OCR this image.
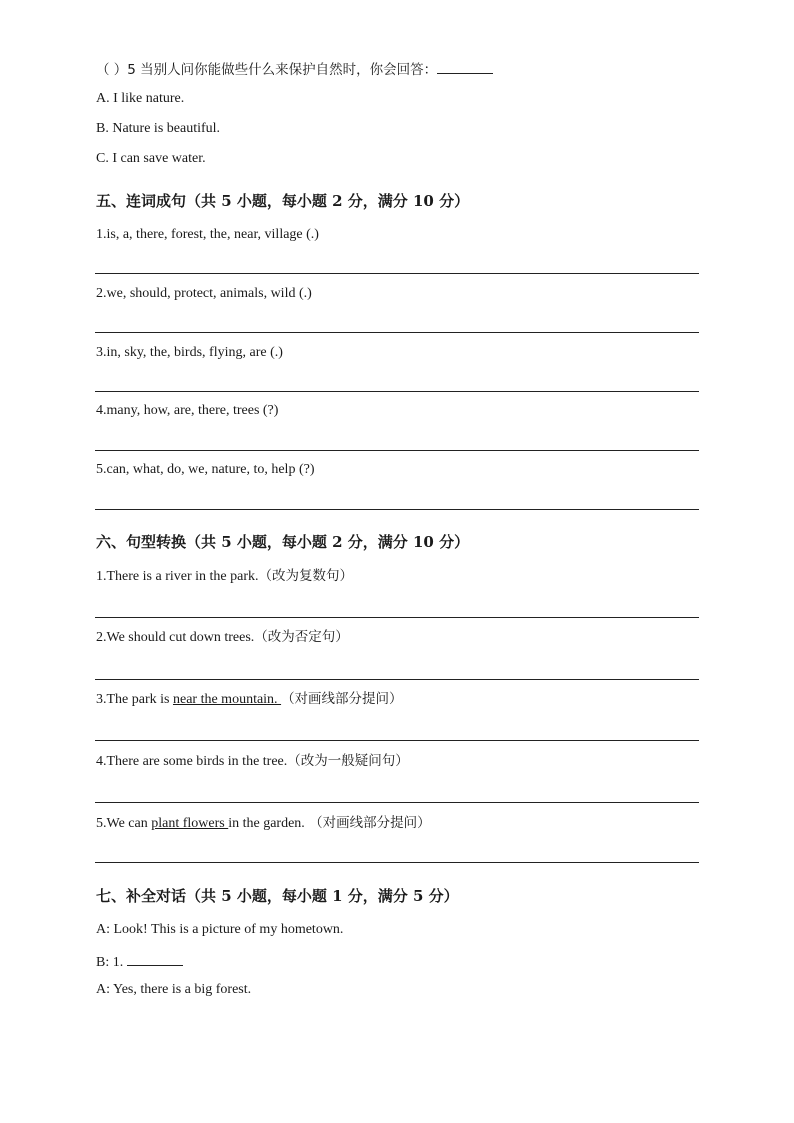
（ ）5 当别人问你能做些什么来保护自然时，你会回答：
A. I like nature.
B. Nature is beautiful.
C. I can save water.
五、连词成句（共 5 小题，每小题 2 分，满分 10 分）
1.is, a, there, forest, the, near, village (.)
2.we, should, protect, animals, wild (.)
3.in, sky, the, birds, flying, are (.)
4.many, how, are, there, trees (?)
5.can, what, do, we, nature, to, help (?)
六、句型转换（共 5 小题，每小题 2 分，满分 10 分）
1.There is a river in the park.（改为复数句）
2.We should cut down trees.（改为否定句）
3.The park is near the mountain. （对画线部分提问）
4.There are some birds in the tree.（改为一般疑问句）
5.We can plant flowers in the garden. （对画线部分提问）
七、补全对话（共 5 小题，每小题 1 分，满分 5 分）
A: Look! This is a picture of my hometown.
B: 1.
A: Yes, there is a big forest.
